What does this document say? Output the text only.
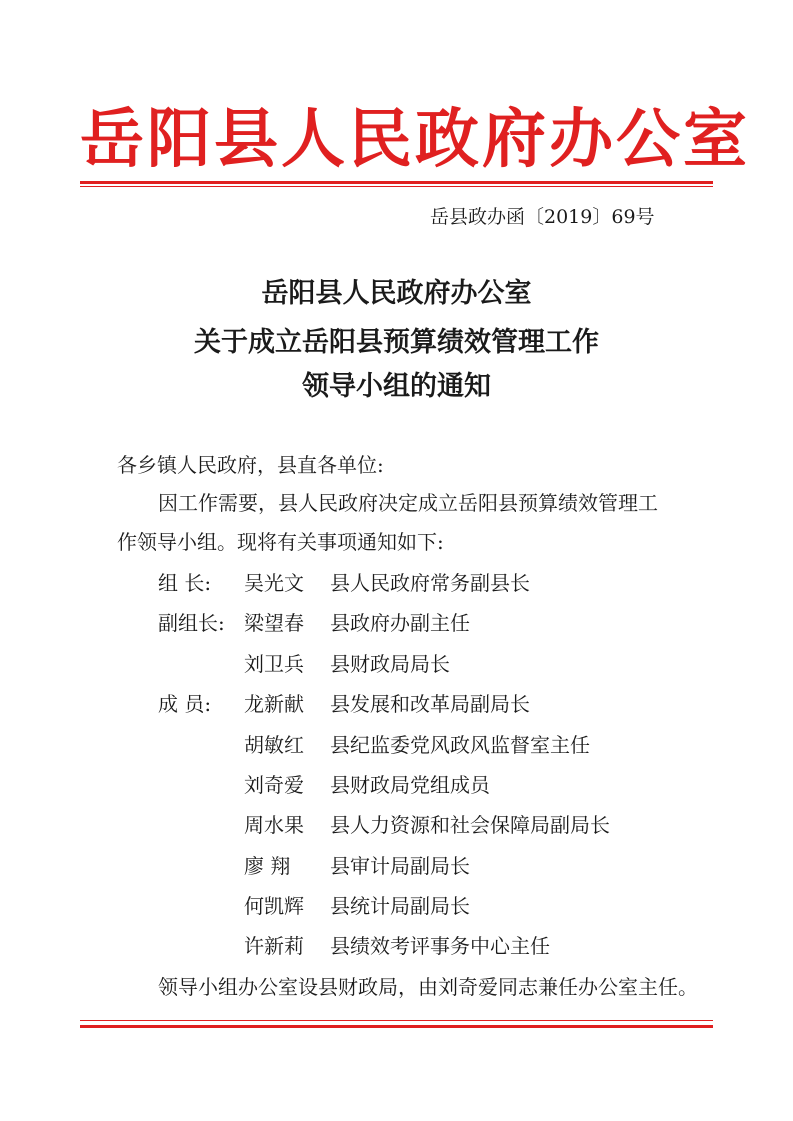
岳阳县人民政府办公室
岳县政办函〔2019〕69号
岳阳县人民政府办公室
关于成立岳阳县预算绩效管理工作
领导小组的通知
各乡镇人民政府，县直各单位:
因工作需要，县人民政府决定成立岳阳县预算绩效管理工
作领导小组。现将有关事项通知如下:
组 长: 吴光文 县人民政府常务副县长
副组长: 梁望春 县政府办副主任
刘卫兵 县财政局局长
成 员: 龙新献 县发展和改革局副局长
胡敏红 县纪监委党风政风监督室主任
刘奇爱 县财政局党组成员
周水果 县人力资源和社会保障局副局长
廖 翔 县审计局副局长
何凯辉 县统计局副局长
许新莉 县绩效考评事务中心主任
领导小组办公室设县财政局，由刘奇爱同志兼任办公室主任。
